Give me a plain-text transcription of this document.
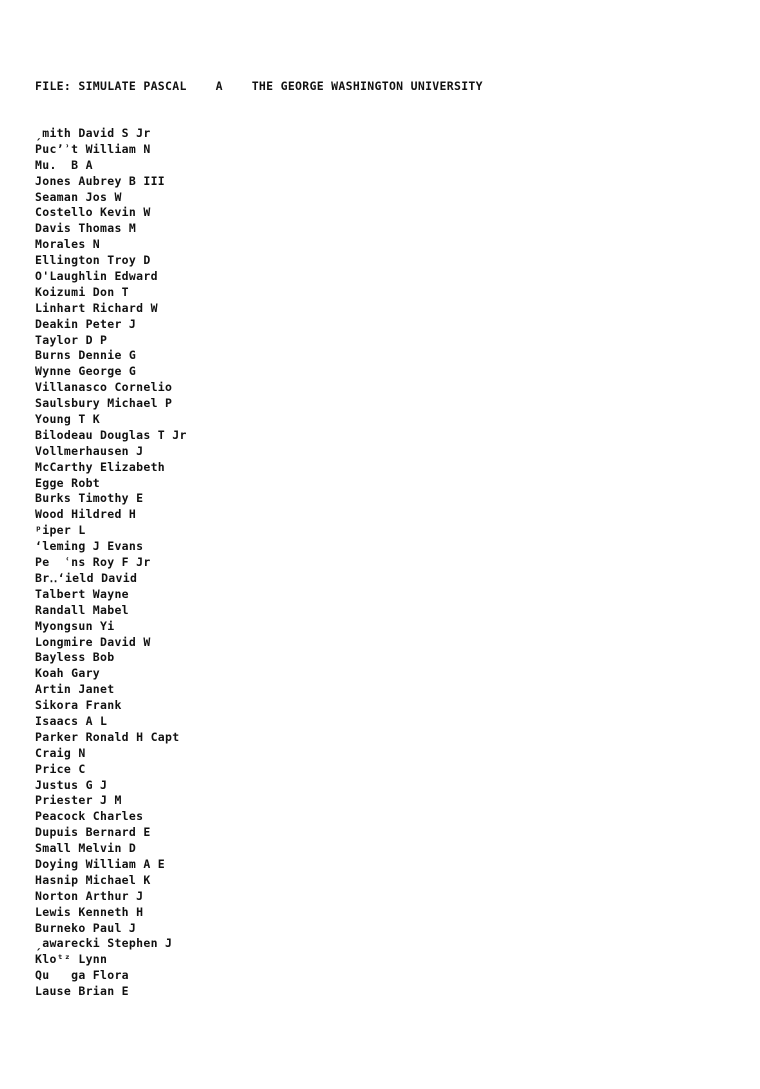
FILE: SIMULATE PASCAL    A    THE GEORGE WASHINGTON UNIVERSITY
ˏmith David S Jr
Pucʼʾt William N
Mu.  B A
Jones Aubrey B III
Seaman Jos W
Costello Kevin W
Davis Thomas M
Morales N
Ellington Troy D
O'Laughlin Edward
Koizumi Don T
Linhart Richard W
Deakin Peter J
Taylor D P
Burns Dennie G
Wynne George G
Villanasco Cornelio
Saulsbury Michael P
Young T K
Bilodeau Douglas T Jr
Vollmerhausen J
McCarthy Elizabeth
Egge Robt
Burks Timothy E
Wood Hildred H
ᵖiper L
ʻleming J Evans
Pe  ʿns Roy F Jr
Br․․ʻield David
Talbert Wayne
Randall Mabel
Myongsun Yi
Longmire David W
Bayless Bob
Koah Gary
Artin Janet
Sikora Frank
Isaacs A L
Parker Ronald H Capt
Craig N
Price C
Justus G J
Priester J M
Peacock Charles
Dupuis Bernard E
Small Melvin D
Doying William A E
Hasnip Michael K
Norton Arthur J
Lewis Kenneth H
Burneko Paul J
ˏawarecki Stephen J
Kloᵗᶻ Lynn
Qu   ga Flora
Lause Brian E
